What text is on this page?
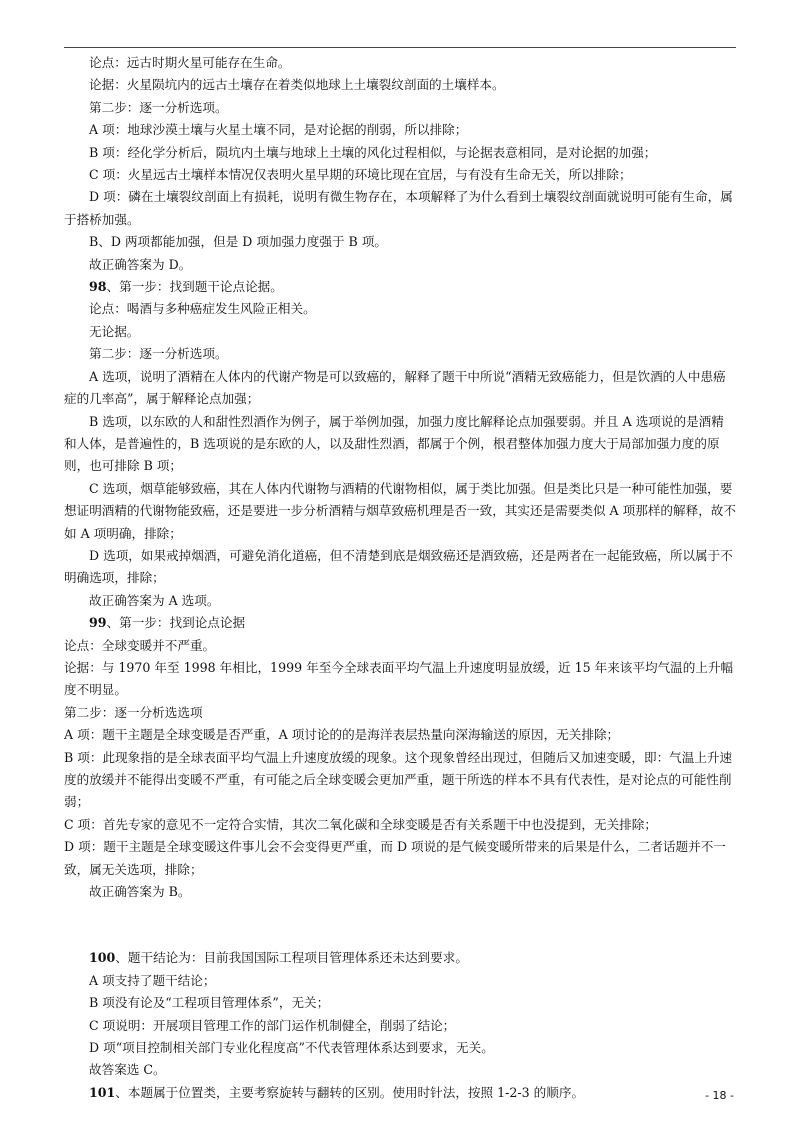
论点：远古时期火星可能存在生命。

论据：火星陨坑内的远古土壤存在着类似地球上土壤裂纹剖面的土壤样本。

第二步：逐一分析选项。

A 项：地球沙漠土壤与火星土壤不同，是对论据的削弱，所以排除；

B 项：经化学分析后，陨坑内土壤与地球上土壤的风化过程相似，与论据表意相同，是对论据的加强；

C 项：火星远古土壤样本情况仅表明火星早期的环境比现在宜居，与有没有生命无关，所以排除；

D 项：磷在土壤裂纹剖面上有损耗，说明有微生物存在，本项解释了为什么看到土壤裂纹剖面就说明可能有生命，属于搭桥加强。

B、D 两项都能加强，但是 D 项加强力度强于 B 项。

故正确答案为 D。

98、第一步：找到题干论点论据。

论点：喝酒与多种癌症发生风险正相关。

无论据。

第二步：逐一分析选项。

A 选项，说明了酒精在人体内的代谢产物是可以致癌的，解释了题干中所说“酒精无致癌能力，但是饮酒的人中患癌症的几率高”，属于解释论点加强；

B 选项，以东欧的人和甜性烈酒作为例子，属于举例加强，加强力度比解释论点加强要弱。并且 A 选项说的是酒精和人体，是普遍性的，B 选项说的是东欧的人，以及甜性烈酒，都属于个例，根君整体加强力度大于局部加强力度的原则，也可排除 B 项；

C 选项，烟草能够致癌，其在人体内代谢物与酒精的代谢物相似，属于类比加强。但是类比只是一种可能性加强，要想证明酒精的代谢物能致癌，还是要进一步分析酒精与烟草致癌机理是否一致，其实还是需要类似 A 项那样的解释，故不如 A 项明确，排除；

D 选项，如果戒掉烟酒，可避免消化道癌，但不清楚到底是烟致癌还是酒致癌，还是两者在一起能致癌，所以属于不明确选项，排除；

故正确答案为 A 选项。

99、第一步：找到论点论据

论点：全球变暖并不严重。

论据：与 1970 年至 1998 年相比，1999 年至今全球表面平均气温上升速度明显放缓，近 15 年来该平均气温的上升幅度不明显。

第二步：逐一分析选选项

A 项：题干主题是全球变暖是否严重，A 项讨论的的是海洋表层热量向深海输送的原因，无关排除；

B 项：此现象指的是全球表面平均气温上升速度放缓的现象。这个现象曾经出现过，但随后又加速变暖，即：气温上升速度的放缓并不能得出变暖不严重，有可能之后全球变暖会更加严重，题干所选的样本不具有代表性，是对论点的可能性削弱；

C 项：首先专家的意见不一定符合实情，其次二氧化碳和全球变暖是否有关系题干中也没提到，无关排除；

D 项：题干主题是全球变暖这件事儿会不会变得更严重，而 D 项说的是气候变暖所带来的后果是什么，二者话题并不一致，属无关选项，排除；

故正确答案为 B。

100、题干结论为：目前我国国际工程项目管理体系还未达到要求。

A 项支持了题干结论；

B 项没有论及“工程项目管理体系”，无关；

C 项说明：开展项目管理工作的部门运作机制健全，削弱了结论；

D 项“项目控制相关部门专业化程度高”不代表管理体系达到要求，无关。

故答案选 C。

101、本题属于位置类，主要考察旋转与翻转的区别。使用时针法，按照 1-2-3 的顺序。	- 18 -
